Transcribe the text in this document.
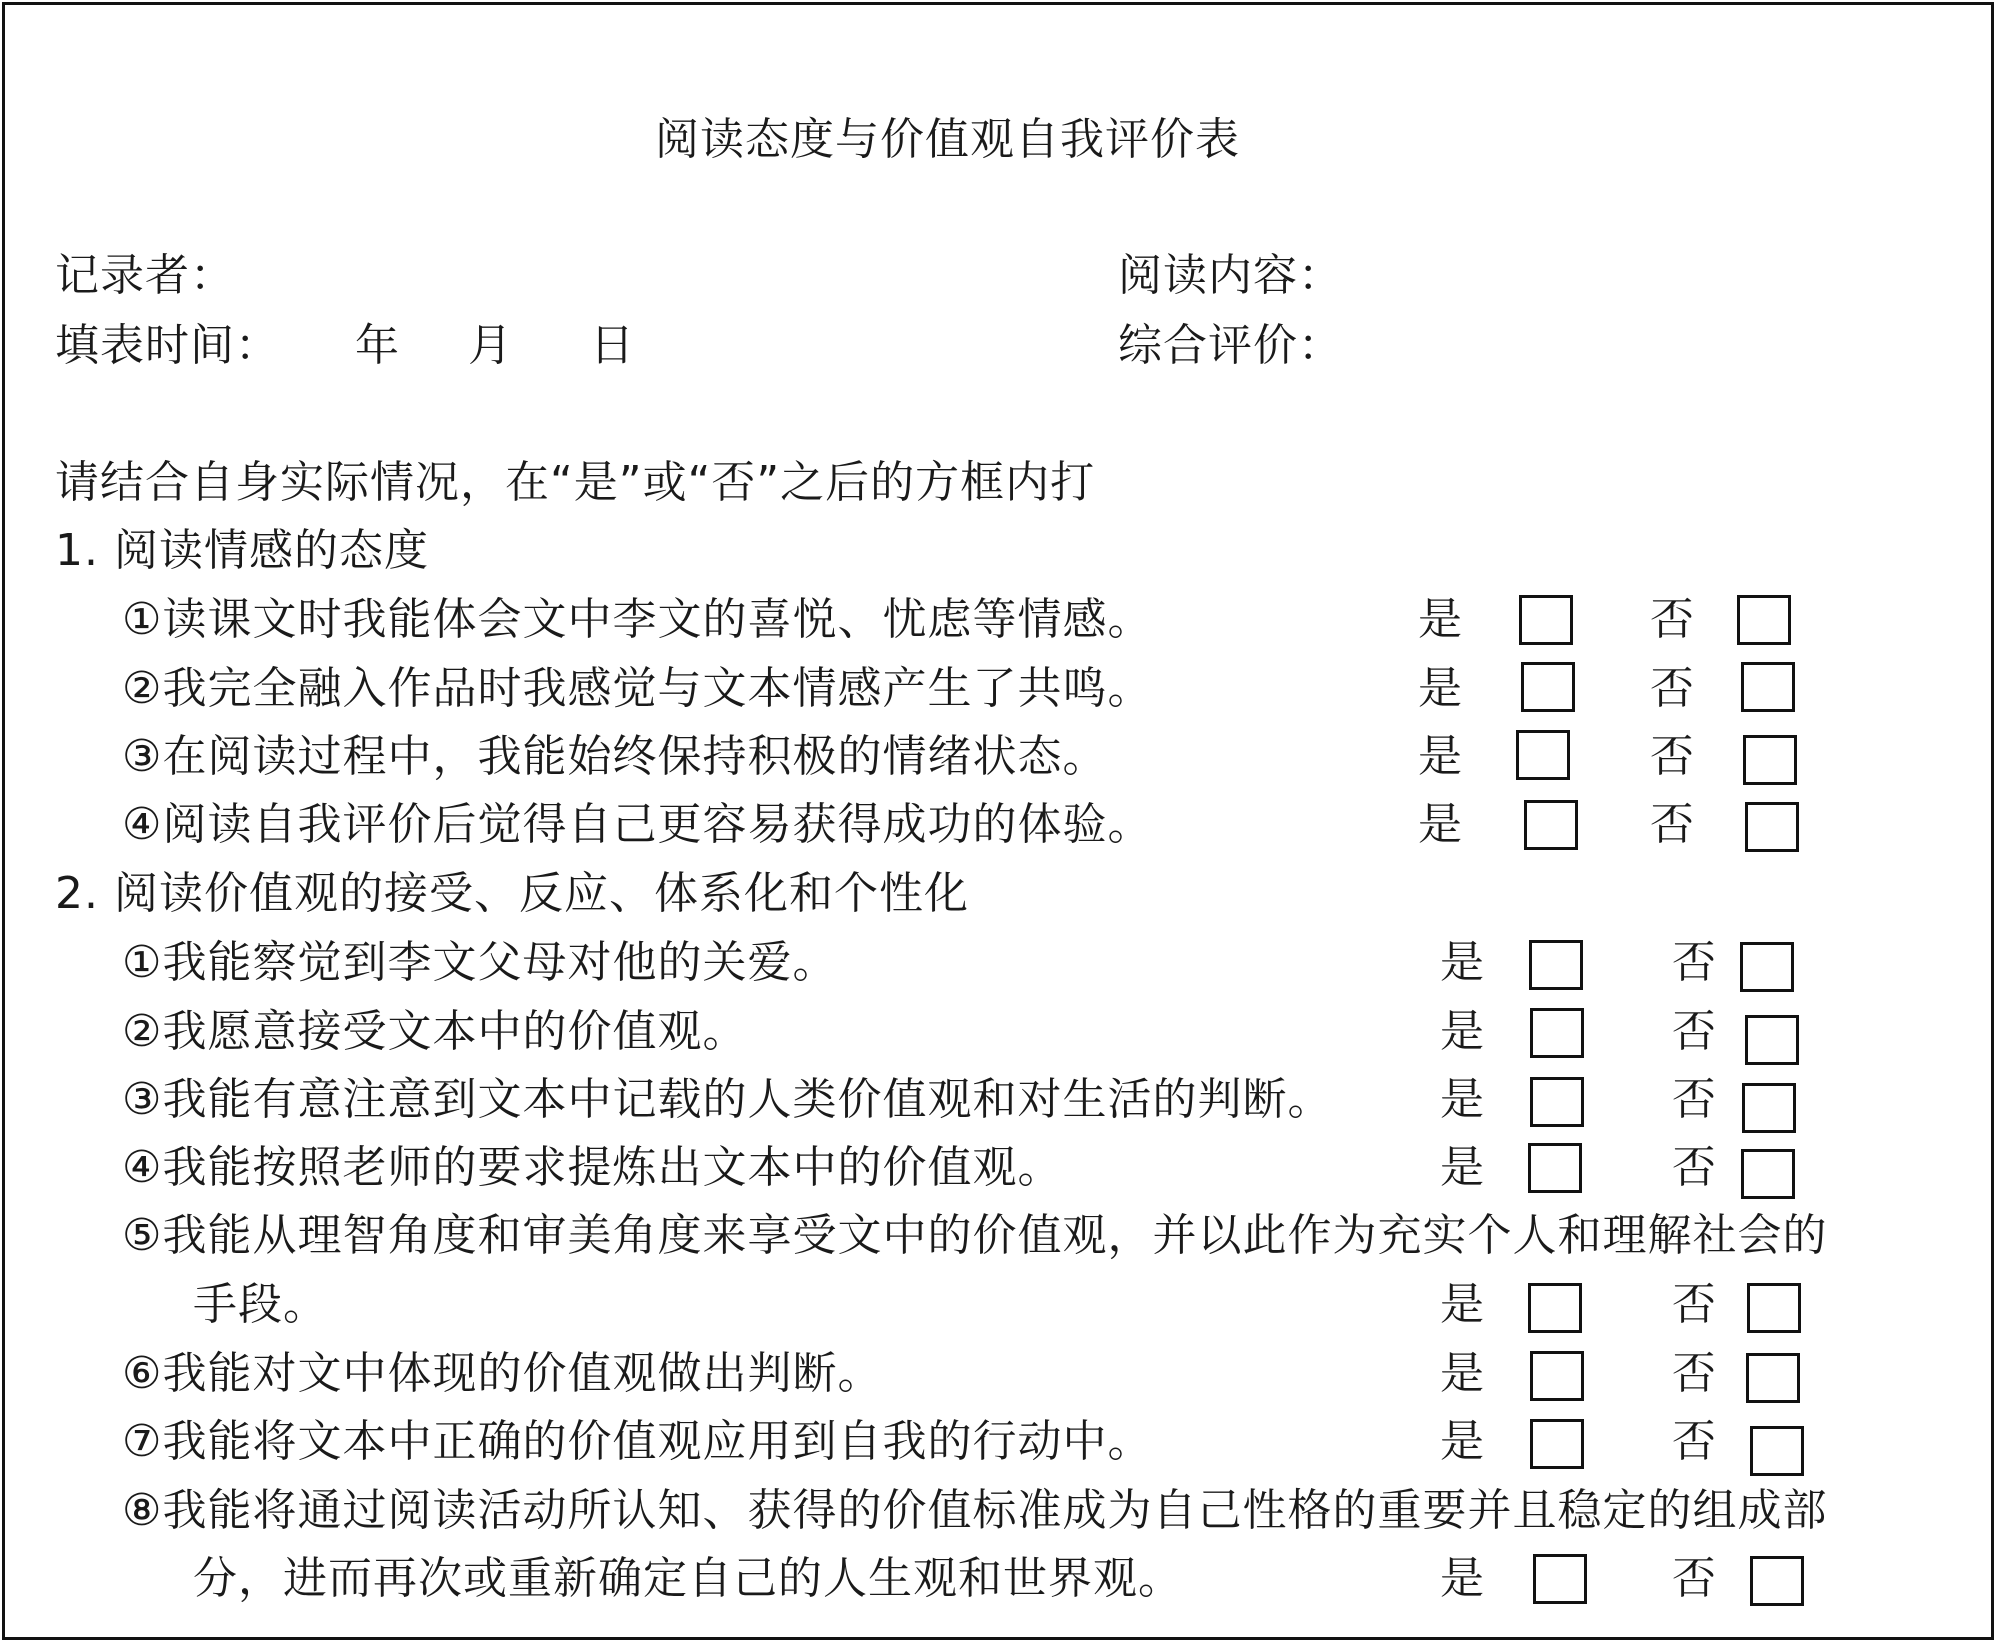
阅读态度与价值观自我评价表
记录者：	阅读内容：
填表时间： 年 月 日	综合评价：
请结合自身实际情况，在“是”或“否”之后的方框内打
1. 阅读情感的态度
①读课文时我能体会文中李文的喜悦、忧虑等情感。	是	否
②我完全融入作品时我感觉与文本情感产生了共鸣。	是	否
③在阅读过程中，我能始终保持积极的情绪状态。	是	否
④阅读自我评价后觉得自己更容易获得成功的体验。	是	否
2. 阅读价值观的接受、反应、体系化和个性化
①我能察觉到李文父母对他的关爱。	是	否
②我愿意接受文本中的价值观。	是	否
③我能有意注意到文本中记载的人类价值观和对生活的判断。 是	否
④我能按照老师的要求提炼出文本中的价值观。	是	否
⑤我能从理智角度和审美角度来享受文中的价值观，并以此作为充实个人和理解社会的
手段。	是	否
⑥我能对文中体现的价值观做出判断。	是	否
⑦我能将文本中正确的价值观应用到自我的行动中。	是	否
⑧我能将通过阅读活动所认知、获得的价值标准成为自己性格的重要并且稳定的组成部
分，进而再次或重新确定自己的人生观和世界观。	是	否
